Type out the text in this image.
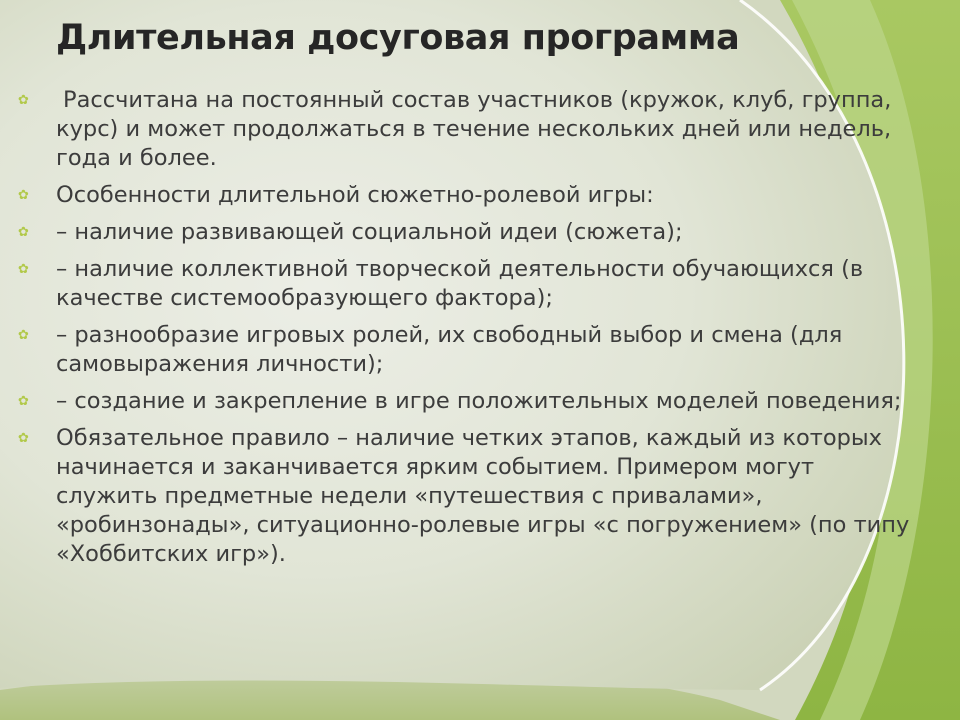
Длительная досуговая программа
✿ Рассчитана на постоянный состав участников (кружок, клуб, группа, курс) и может продолжаться в течение нескольких дней или недель, года и более.
✿ Особенности длительной сюжетно-ролевой игры:
✿ – наличие развивающей социальной идеи (сюжета);
✿ – наличие коллективной творческой деятельности обучающихся (в качестве системообразующего фактора);
✿ – разнообразие игровых ролей, их свободный выбор и смена (для самовыражения личности);
✿ – создание и закрепление в игре положительных моделей поведения;
✿ Обязательное правило – наличие четких этапов, каждый из которых начинается и заканчивается ярким событием. Примером могут служить предметные недели «путешествия с привалами», «робинзонады», ситуационно-ролевые игры «с погружением» (по типу «Хоббитских игр»).
